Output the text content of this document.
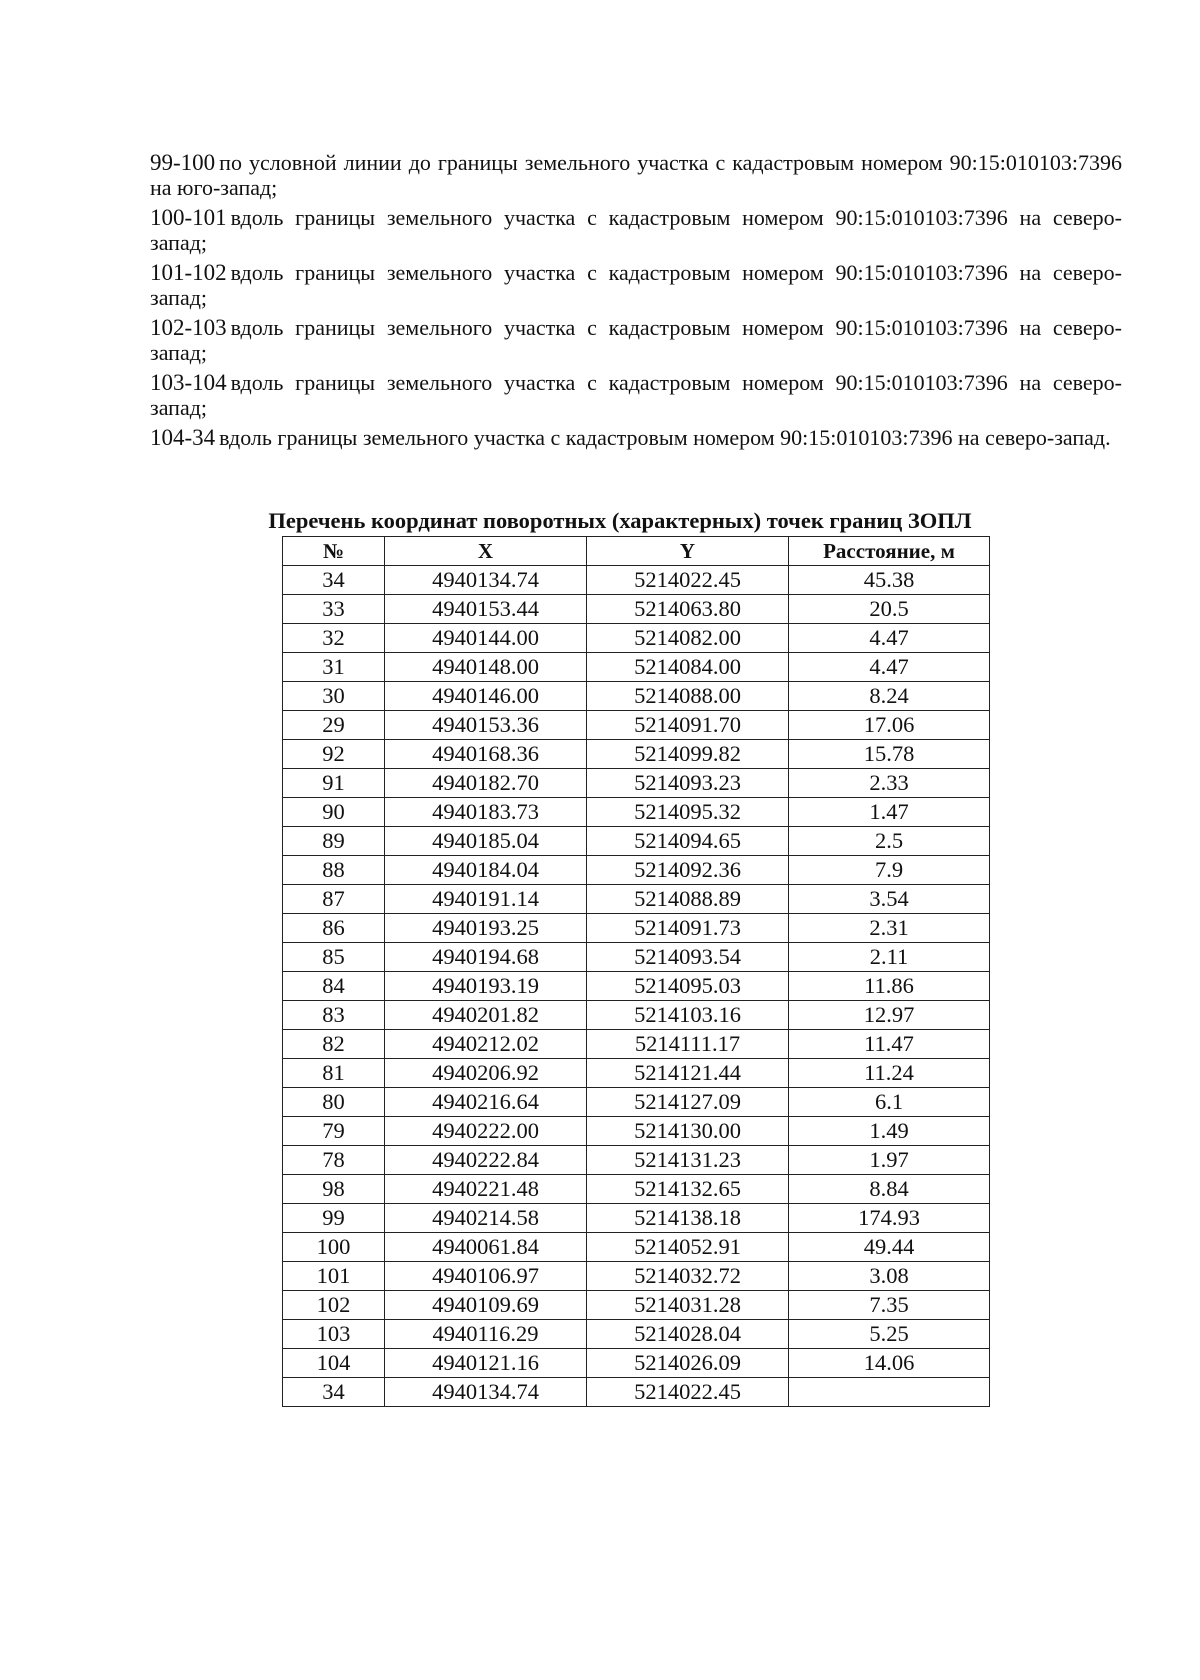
99-100 по условной линии до границы земельного участка с кадастровым номером 90:15:010103:7396 на юго-запад;

100-101 вдоль границы земельного участка с кадастровым номером 90:15:010103:7396 на северо-запад;

101-102 вдоль границы земельного участка с кадастровым номером 90:15:010103:7396 на северо-запад;

102-103 вдоль границы земельного участка с кадастровым номером 90:15:010103:7396 на северо-запад;

103-104 вдоль границы земельного участка с кадастровым номером 90:15:010103:7396 на северо-запад;

104-34 вдоль границы земельного участка с кадастровым номером 90:15:010103:7396 на северо-запад.

Перечень координат поворотных (характерных) точек границ ЗОПЛ
№	X	Y	Расстояние, м
34	4940134.74	5214022.45	45.38
33	4940153.44	5214063.80	20.5
32	4940144.00	5214082.00	4.47
31	4940148.00	5214084.00	4.47
30	4940146.00	5214088.00	8.24
29	4940153.36	5214091.70	17.06
92	4940168.36	5214099.82	15.78
91	4940182.70	5214093.23	2.33
90	4940183.73	5214095.32	1.47
89	4940185.04	5214094.65	2.5
88	4940184.04	5214092.36	7.9
87	4940191.14	5214088.89	3.54
86	4940193.25	5214091.73	2.31
85	4940194.68	5214093.54	2.11
84	4940193.19	5214095.03	11.86
83	4940201.82	5214103.16	12.97
82	4940212.02	5214111.17	11.47
81	4940206.92	5214121.44	11.24
80	4940216.64	5214127.09	6.1
79	4940222.00	5214130.00	1.49
78	4940222.84	5214131.23	1.97
98	4940221.48	5214132.65	8.84
99	4940214.58	5214138.18	174.93
100	4940061.84	5214052.91	49.44
101	4940106.97	5214032.72	3.08
102	4940109.69	5214031.28	7.35
103	4940116.29	5214028.04	5.25
104	4940121.16	5214026.09	14.06
34	4940134.74	5214022.45	
